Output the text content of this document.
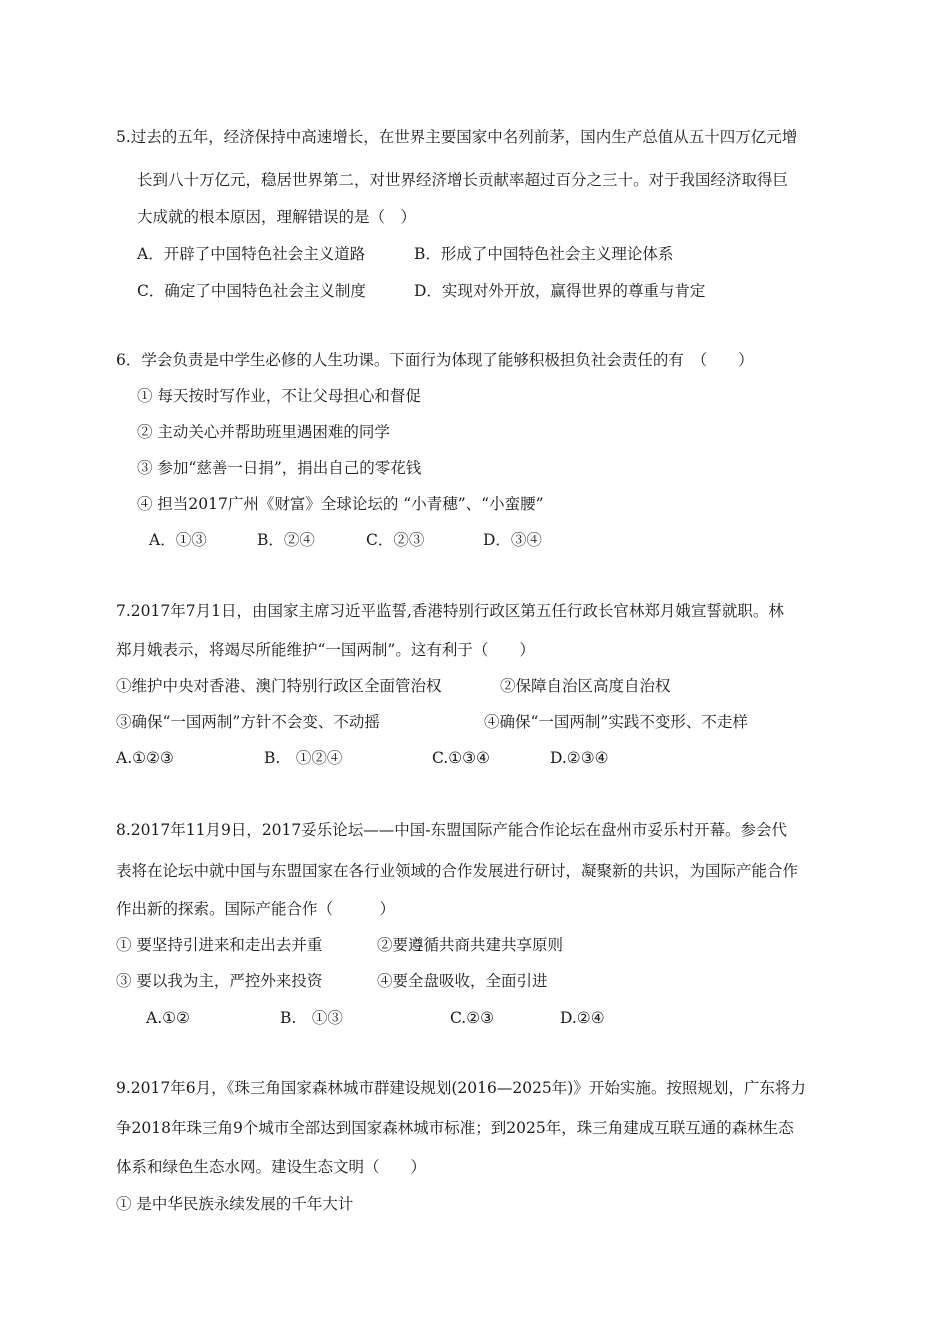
5.过去的五年，经济保持中高速增长，在世界主要国家中名列前茅，国内生产总值从五十四万亿元增
长到八十万亿元，稳居世界第二，对世界经济增长贡献率超过百分之三十。对于我国经济取得巨
大成就的根本原因，理解错误的是（　）
A．开辟了中国特色社会主义道路	B．形成了中国特色社会主义理论体系
C．确定了中国特色社会主义制度	D．实现对外开放，赢得世界的尊重与肯定
6．学会负责是中学生必修的人生功课。下面行为体现了能够积极担负社会责任的有　（　　）
① 每天按时写作业，不让父母担心和督促
② 主动关心并帮助班里遇困难的同学
③ 参加“慈善一日捐”，捐出自己的零花钱
④ 担当2017广州《财富》全球论坛的 “小青穗”、“小蛮腰”
A．①③	B．②④	C．②③	D．③④
7.2017年7月1日，由国家主席习近平监誓,香港特别行政区第五任行政长官林郑月娥宣誓就职。林
郑月娥表示，将竭尽所能维护“一国两制”。这有利于（　　）
①维护中央对香港、澳门特别行政区全面管治权	②保障自治区高度自治权
③确保“一国两制”方针不会变、不动摇	④确保“一国两制”实践不变形、不走样
A.①②③	B.　①②④	C.①③④	D.②③④
8.2017年11月9日，2017妥乐论坛——中国-东盟国际产能合作论坛在盘州市妥乐村开幕。参会代
表将在论坛中就中国与东盟国家在各行业领域的合作发展进行研讨，凝聚新的共识，为国际产能合作
作出新的探索。国际产能合作（　　　）
① 要坚持引进来和走出去并重	②要遵循共商共建共享原则
③ 要以我为主，严控外来投资	④要全盘吸收，全面引进
A.①②	B.　①③	C.②③	D.②④
9.2017年6月，《珠三角国家森林城市群建设规划(2016—2025年)》开始实施。按照规划，广东将力
争2018年珠三角9个城市全部达到国家森林城市标准；到2025年，珠三角建成互联互通的森林生态
体系和绿色生态水网。建设生态文明（　　）
① 是中华民族永续发展的千年大计
